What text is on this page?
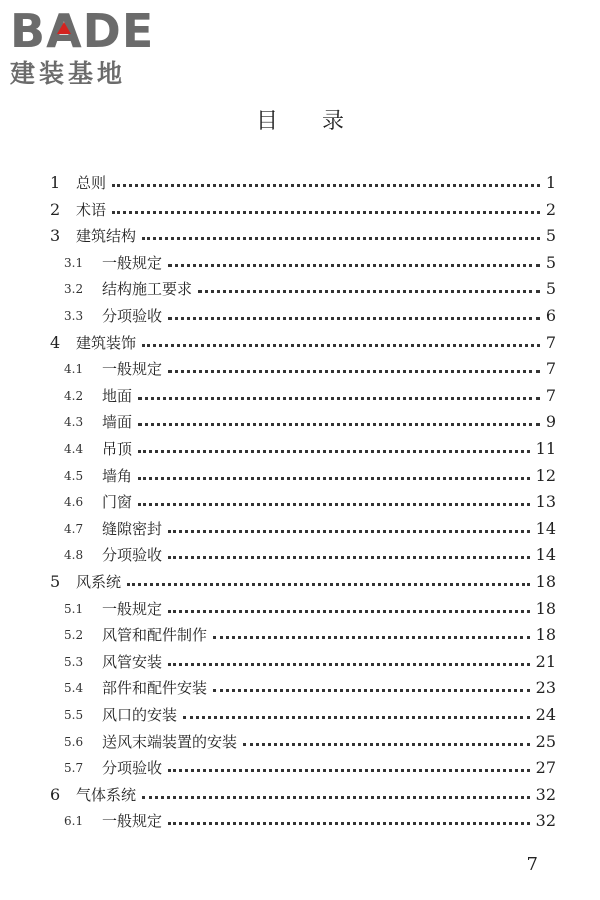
BA
DE
建装基地
目录
1	总则	1
2	术语	2
3	建筑结构	5
3.1	一般规定	5
3.2	结构施工要求	5
3.3	分项验收	6
4	建筑装饰	7
4.1	一般规定	7
4.2	地面	7
4.3	墙面	9
4.4	吊顶	11
4.5	墙角	12
4.6	门窗	13
4.7	缝隙密封	14
4.8	分项验收	14
5	风系统	18
5.1	一般规定	18
5.2	风管和配件制作	18
5.3	风管安装	21
5.4	部件和配件安装	23
5.5	风口的安装	24
5.6	送风末端装置的安装	25
5.7	分项验收	27
6	气体系统	32
6.1	一般规定	32
7
